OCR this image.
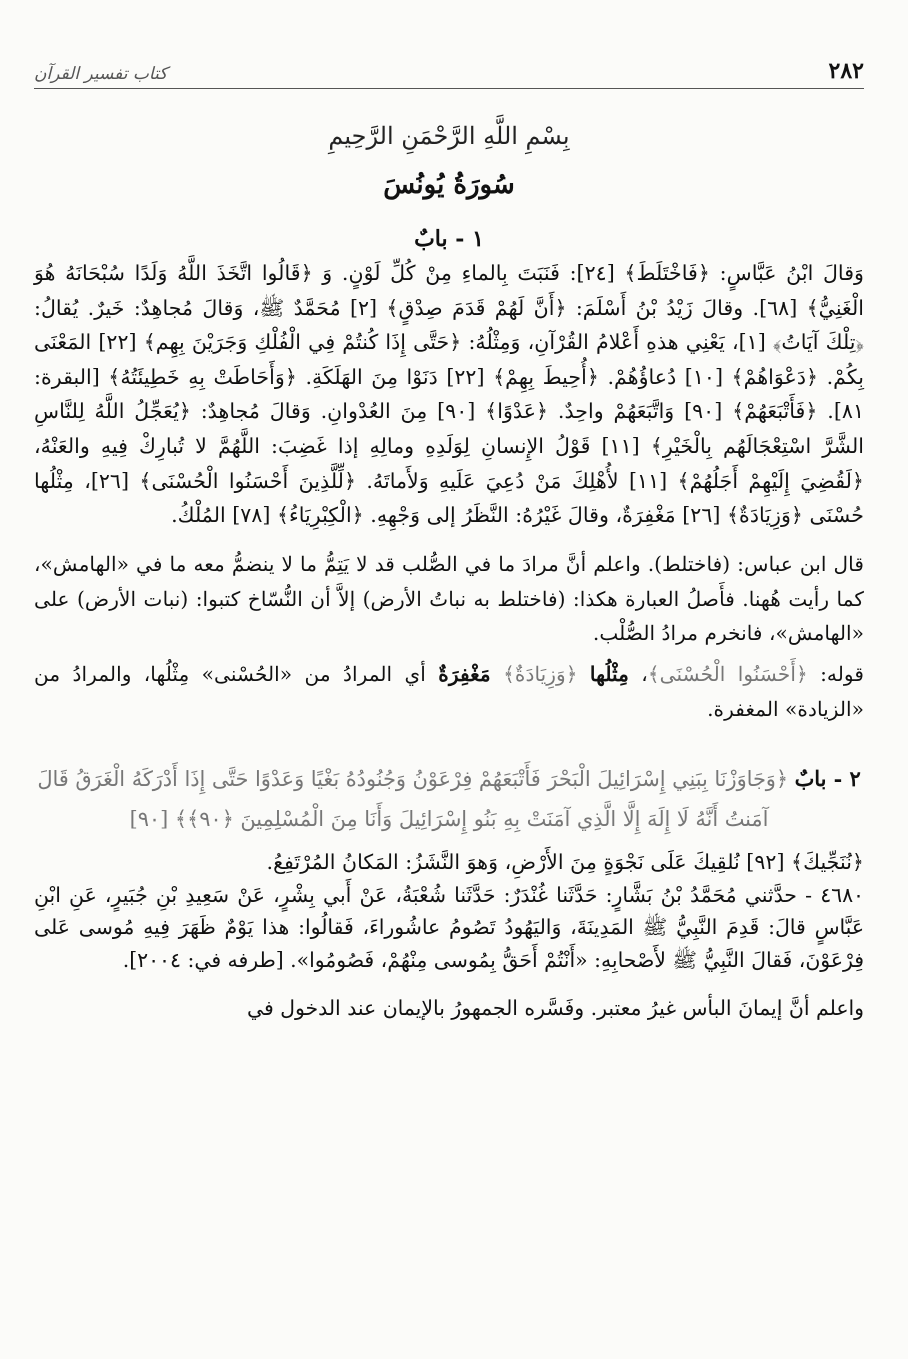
كتاب تفسير القرآن	٢٨٢
بِسْمِ اللَّهِ الرَّحْمَنِ الرَّحِيمِ
سُورَةُ يُونُسَ
١ - بابٌ

وَقالَ ابْنُ عَبَّاسٍ: ﴿فَاخْتَلَطَ﴾ [٢٤]: فَنَبَتَ بِالماءِ مِنْ كُلِّ لَوْنٍ. وَ ﴿قَالُوا اتَّخَذَ اللَّهُ وَلَدًا سُبْحَانَهُ هُوَ الْغَنِيُّ﴾ [٦٨]. وقالَ زَيْدُ بْنُ أَسْلَمَ: ﴿أَنَّ لَهُمْ قَدَمَ صِدْقٍ﴾ [٢] مُحَمَّدٌ ﷺ، وَقالَ مُجاهِدٌ: خَيرٌ. يُقالُ: ﴿تِلْكَ آيَاتُ﴾ [١]، يَعْنِي هذهِ أَعْلامُ القُرْآنِ، وَمِثْلُهُ: ﴿حَتَّى إِذَا كُنتُمْ فِي الْفُلْكِ وَجَرَيْنَ بِهِم﴾ [٢٢] المَعْنَى بِكُمْ. ﴿دَعْوَاهُمْ﴾ [١٠] دُعاؤُهُمْ. ﴿أُحِيطَ بِهِمْ﴾ [٢٢] دَنَوْا مِنَ الهَلَكَةِ. ﴿وَأَحَاطَتْ بِهِ خَطِيئَتُهُ﴾ [البقرة: ٨١]. ﴿فَأَتْبَعَهُمْ﴾ [٩٠] وَاتَّبَعَهُمْ واحِدٌ. ﴿عَدْوًا﴾ [٩٠] مِنَ العُدْوانِ. وَقالَ مُجاهِدٌ: ﴿يُعَجِّلُ اللَّهُ لِلنَّاسِ الشَّرَّ اسْتِعْجَالَهُم بِالْخَيْرِ﴾ [١١] قَوْلُ الإِنسانِ لِوَلَدِهِ ومالِهِ إذا غَضِبَ: اللَّهُمَّ لا تُبارِكْ فِيهِ والعَنْهُ، ﴿لَقُضِيَ إِلَيْهِمْ أَجَلُهُمْ﴾ [١١] لأُهْلِكَ مَنْ دُعِيَ عَلَيهِ وَلأَماتَهُ. ﴿لِّلَّذِينَ أَحْسَنُوا الْحُسْنَى﴾ [٢٦]، مِثْلُها حُسْنَى ﴿وَزِيَادَةٌ﴾ [٢٦] مَغْفِرَةٌ، وقالَ غَيْرُهُ: النَّظَرُ إلى وَجْهِهِ. ﴿الْكِبْرِيَاءُ﴾ [٧٨] المُلْكُ.

قال ابن عباس: (فاختلط). واعلم أنَّ مرادَ ما في الصُّلب قد لا يَتِمُّ ما لا ينضمُّ معه ما في «الهامش»، كما رأيت هُهنا. فأَصلُ العبارة هكذا: (فاختلط به نباتُ الأرض) إلاَّ أن النُّسّاخ كتبوا: (نبات الأرض) على «الهامش»، فانخرم مرادُ الصُّلْب.

قوله: ﴿أَحْسَنُوا الْحُسْنَى﴾، مِثْلُها ﴿وَزِيَادَةٌ﴾ مَغْفِرَةٌ أي المرادُ من «الحُسْنى» مِثْلُها، والمرادُ من «الزيادة» المغفرة.

٢ - بابٌ ﴿وَجَاوَزْنَا بِبَنِي إِسْرَائِيلَ الْبَحْرَ فَأَتْبَعَهُمْ فِرْعَوْنُ وَجُنُودُهُ بَغْيًا وَعَدْوًا حَتَّى إِذَا أَدْرَكَهُ الْغَرَقُ قَالَ آمَنتُ أَنَّهُ لَا إِلَهَ إِلَّا الَّذِي آمَنَتْ بِهِ بَنُو إِسْرَائِيلَ وَأَنَا مِنَ الْمُسْلِمِينَ ﴿٩٠﴾﴾ [٩٠]

﴿نُنَجِّيكَ﴾ [٩٢] نُلقِيكَ عَلَى نَجْوَةٍ مِنَ الأَرْضِ، وَهوَ النَّشَزُ: المَكانُ المُرْتَفِعُ.

٤٦٨٠ - حدَّثني مُحَمَّدُ بْنُ بَشَّارٍ: حَدَّثَنا غُنْدَرٌ: حَدَّثَنا شُعْبَةُ، عَنْ أَبي بِشْرٍ، عَنْ سَعِيدِ بْنِ جُبَيرٍ، عَنِ ابْنِ عَبَّاسٍ قالَ: قَدِمَ النَّبِيُّ ﷺ المَدِينَةَ، وَاليَهُودُ تَصُومُ عاشُوراءَ، فَقالُوا: هذا يَوْمٌ ظَهَرَ فِيهِ مُوسى عَلى فِرْعَوْنَ، فَقالَ النَّبِيُّ ﷺ لأَصْحابِهِ: «أَنْتُمْ أَحَقُّ بِمُوسى مِنْهُمْ، فَصُومُوا». [طرفه في: ٢٠٠٤].

واعلم أنَّ إيمانَ البأس غيرُ معتبر. وفَسَّره الجمهورُ بالإيمان عند الدخول في
